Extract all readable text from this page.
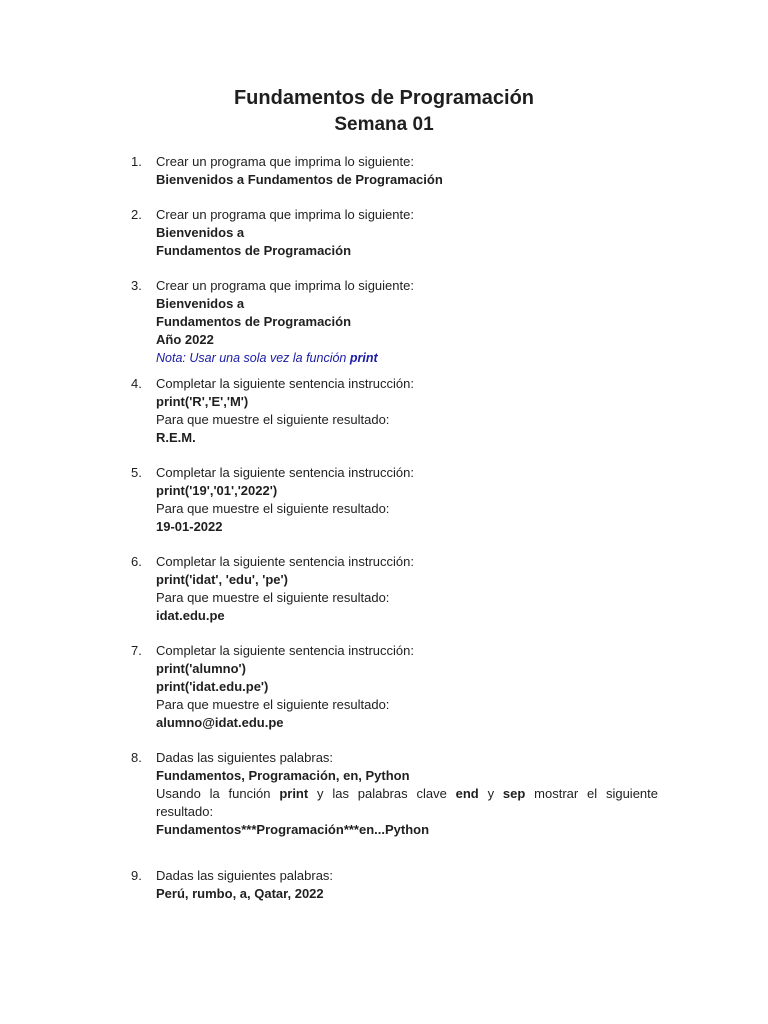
Fundamentos de Programación
Semana 01
1.	Crear un programa que imprima lo siguiente:
Bienvenidos a Fundamentos de Programación
2.	Crear un programa que imprima lo siguiente:
Bienvenidos a
Fundamentos de Programación
3.	Crear un programa que imprima lo siguiente:
Bienvenidos a
Fundamentos de Programación
Año 2022
Nota: Usar una sola vez la función print
4.	Completar la siguiente sentencia instrucción:
print('R','E','M')
Para que muestre el siguiente resultado:
R.E.M.
5.	Completar la siguiente sentencia instrucción:
print('19','01','2022')
Para que muestre el siguiente resultado:
19-01-2022
6.	Completar la siguiente sentencia instrucción:
print('idat', 'edu', 'pe')
Para que muestre el siguiente resultado:
idat.edu.pe
7.	Completar la siguiente sentencia instrucción:
print('alumno')
print('idat.edu.pe')
Para que muestre el siguiente resultado:
alumno@idat.edu.pe
8.	Dadas las siguientes palabras:
Fundamentos, Programación, en, Python
Usando la función print y las palabras clave end y sep mostrar el siguiente
resultado:
Fundamentos***Programación***en...Python
9.	Dadas las siguientes palabras:
Perú, rumbo, a, Qatar, 2022
